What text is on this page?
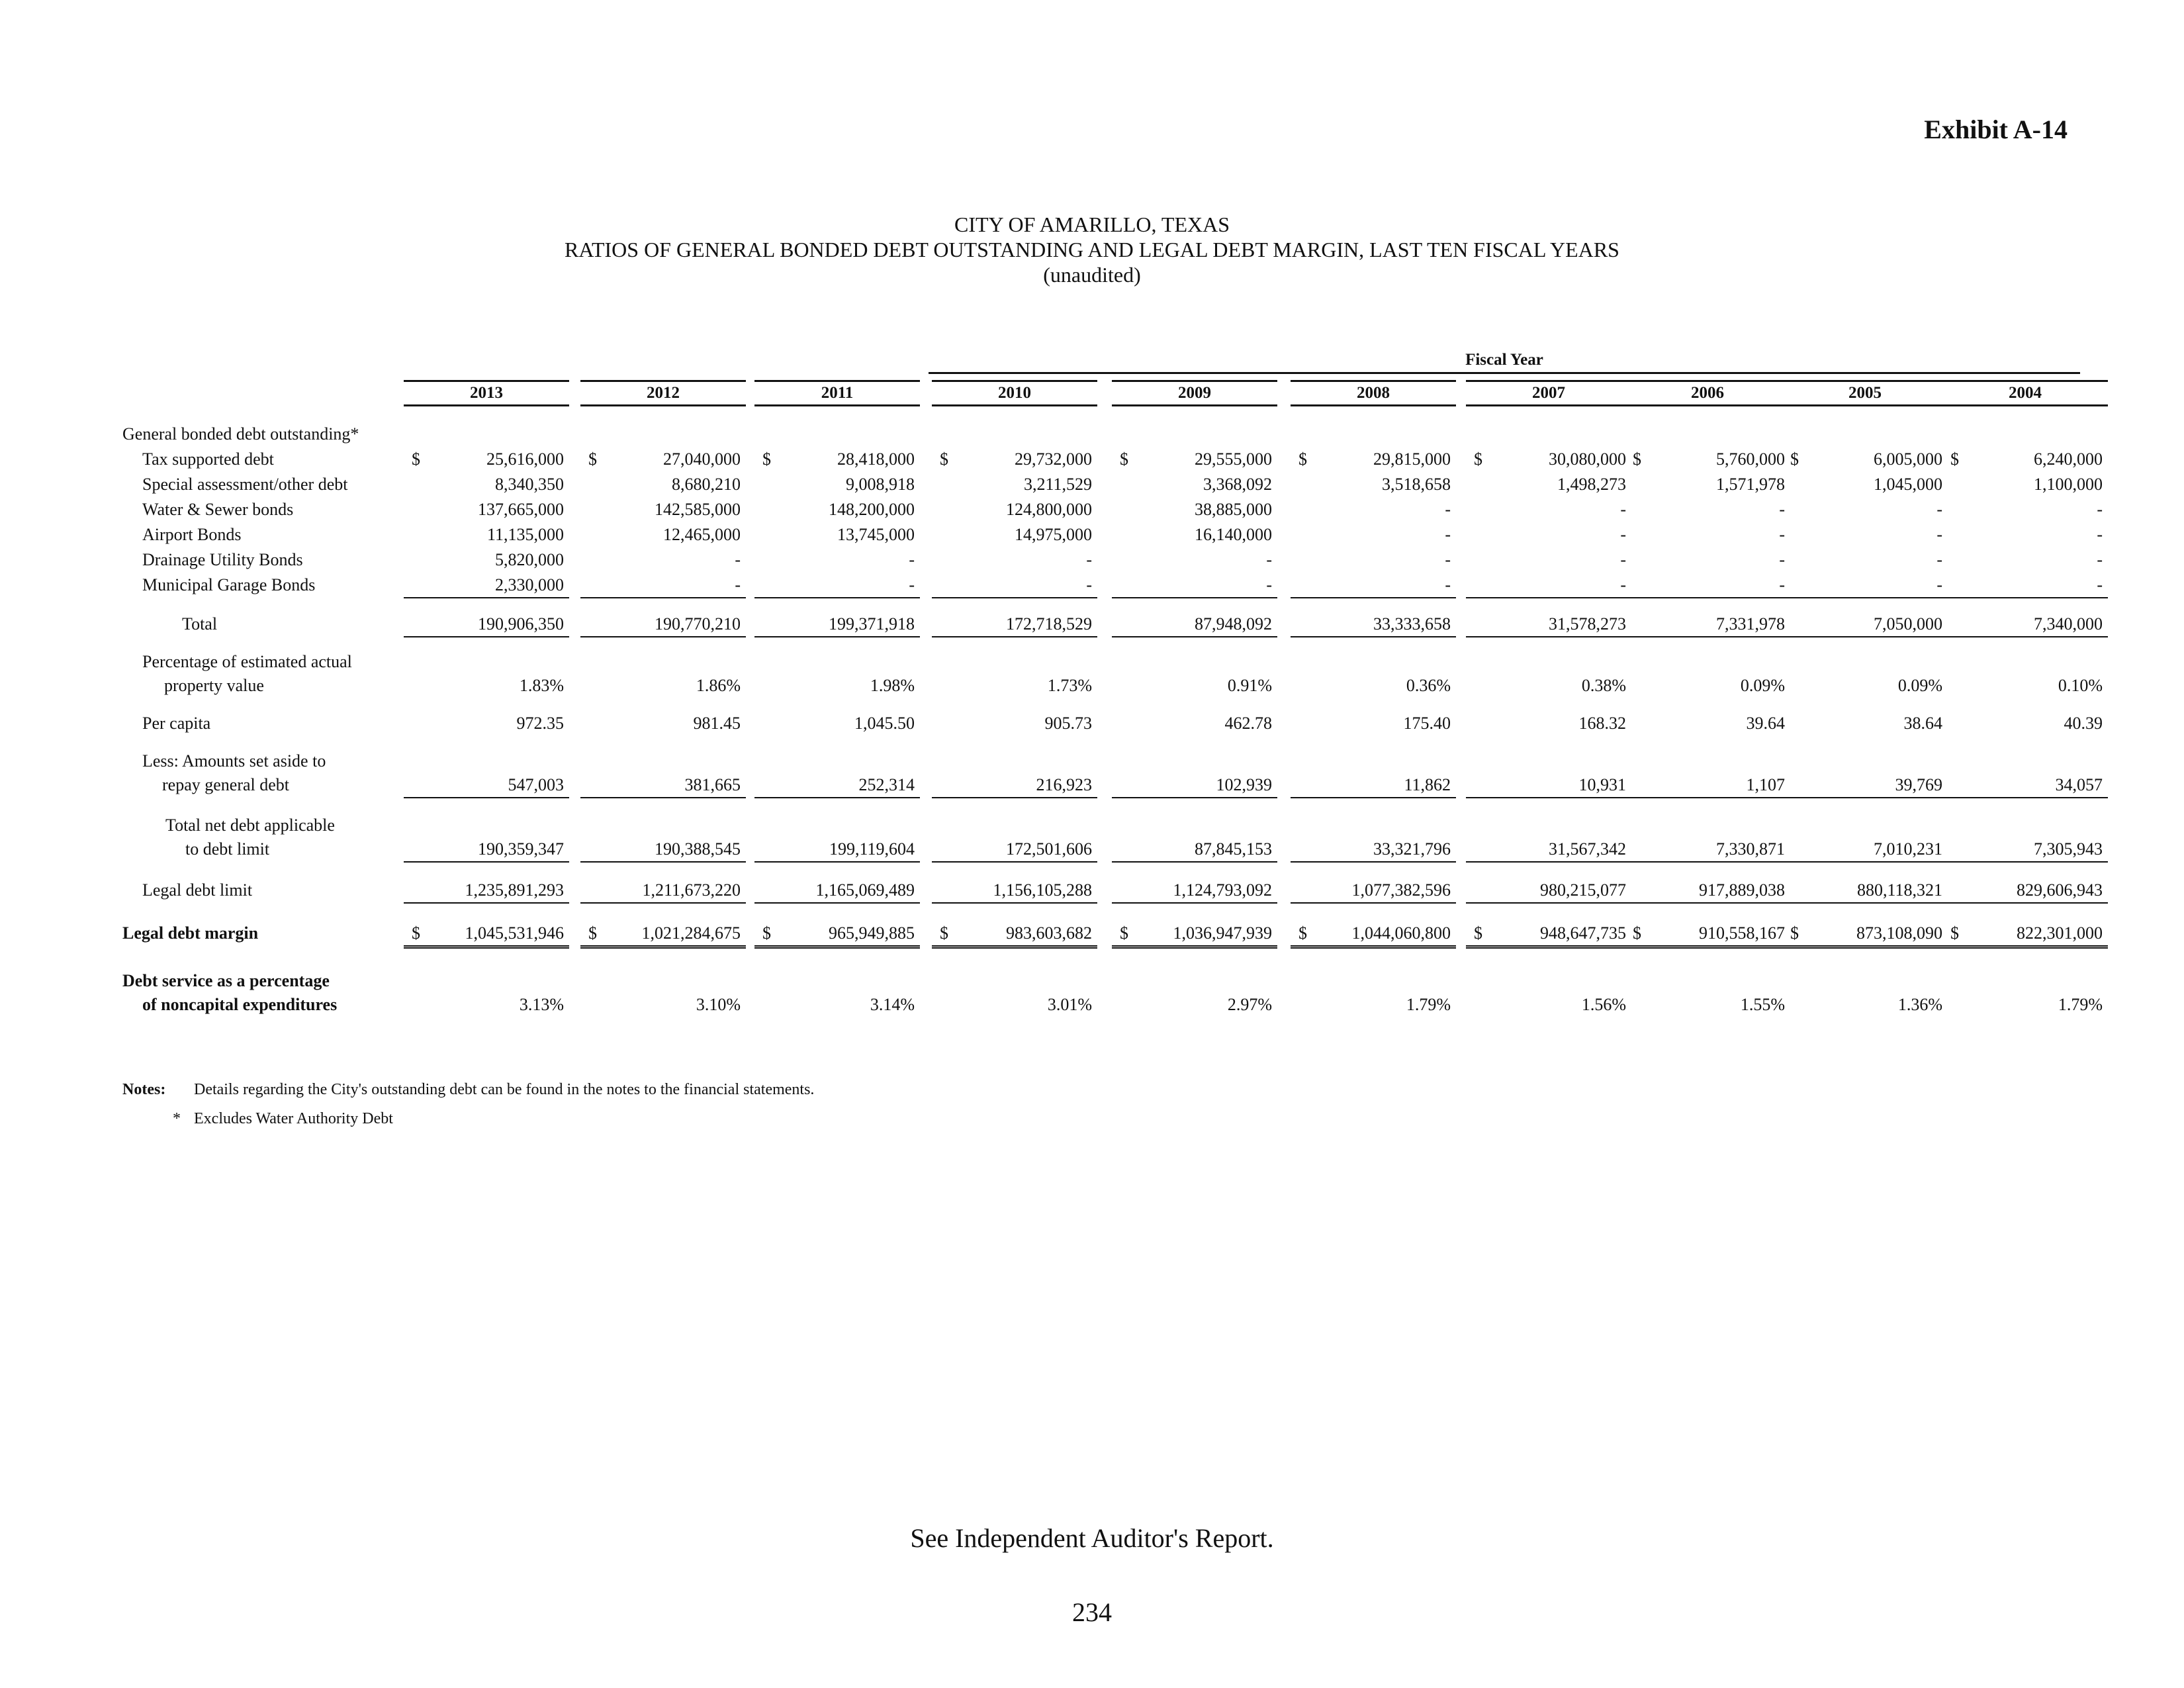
Exhibit A-14
CITY OF AMARILLO, TEXAS
RATIOS OF GENERAL BONDED DEBT OUTSTANDING AND LEGAL DEBT MARGIN, LAST TEN FISCAL YEARS
(unaudited)
Fiscal Year
2013	2012	2011	2010	2009	2008	2007	2006	2005	2004
General bonded debt outstanding*
Tax supported debt	$	25,616,000 $	27,040,000 $	28,418,000 $	29,732,000 $	29,555,000 $	29,815,000 $	30,080,000 $	5,760,000 $	6,005,000 $	6,240,000
Special assessment/other debt	8,340,350	8,680,210	9,008,918	3,211,529	3,368,092	3,518,658	1,498,273	1,571,978	1,045,000	1,100,000
Water & Sewer bonds	137,665,000	142,585,000	148,200,000	124,800,000	38,885,000	-	-	-	-	-
Airport Bonds	11,135,000	12,465,000	13,745,000	14,975,000	16,140,000	-	-	-	-	-
Drainage Utility Bonds	5,820,000	-	-	-	-	-	-	-	-	-
Municipal Garage Bonds	2,330,000	-	-	-	-	-	-	-	-	-
Total	190,906,350	190,770,210	199,371,918	172,718,529	87,948,092	33,333,658	31,578,273	7,331,978	7,050,000	7,340,000
Percentage of estimated actual
property value	1.83%	1.86%	1.98%	1.73%	0.91%	0.36%	0.38%	0.09%	0.09%	0.10%
Per capita	972.35	981.45	1,045.50	905.73	462.78	175.40	168.32	39.64	38.64	40.39
Less: Amounts set aside to
repay general debt	547,003	381,665	252,314	216,923	102,939	11,862	10,931	1,107	39,769	34,057
Total net debt applicable
to debt limit	190,359,347	190,388,545	199,119,604	172,501,606	87,845,153	33,321,796	31,567,342	7,330,871	7,010,231	7,305,943
Legal debt limit	1,235,891,293	1,211,673,220	1,165,069,489	1,156,105,288	1,124,793,092	1,077,382,596	980,215,077	917,889,038	880,118,321	829,606,943
Legal debt margin	$	1,045,531,946 $	1,021,284,675 $	965,949,885 $	983,603,682 $	1,036,947,939 $	1,044,060,800 $	948,647,735 $	910,558,167 $	873,108,090 $	822,301,000
Debt service as a percentage
of noncapital expenditures	3.13%	3.10%	3.14%	3.01%	2.97%	1.79%	1.56%	1.55%	1.36%	1.79%
Notes: Details regarding the City's outstanding debt can be found in the notes to the financial statements.
* Excludes Water Authority Debt
See Independent Auditor's Report.
234
